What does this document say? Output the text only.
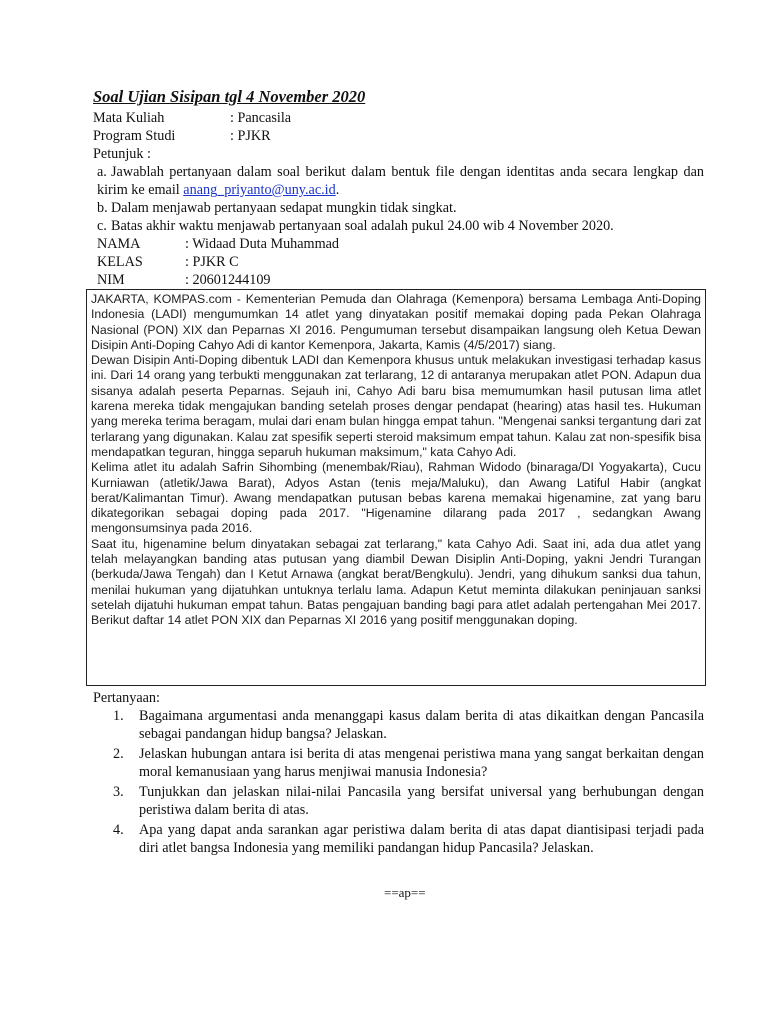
Soal Ujian Sisipan tgl 4 November 2020
Mata Kuliah	: Pancasila
Program Studi	: PJKR
Petunjuk :
a. Jawablah pertanyaan dalam soal berikut dalam bentuk file dengan identitas anda secara lengkap dan kirim ke email anang_priyanto@uny.ac.id.
b. Dalam menjawab pertanyaan sedapat mungkin tidak singkat.
c. Batas akhir waktu menjawab pertanyaan soal adalah pukul 24.00 wib 4 November 2020.
NAMA	: Widaad Duta Muhammad
KELAS	: PJKR C
NIM	: 20601244109

JAKARTA, KOMPAS.com - Kementerian Pemuda dan Olahraga (Kemenpora) bersama Lembaga Anti-Doping Indonesia (LADI) mengumumkan 14 atlet yang dinyatakan positif memakai doping pada Pekan Olahraga Nasional (PON) XIX dan Peparnas XI 2016. Pengumuman tersebut disampaikan langsung oleh Ketua Dewan Disipin Anti-Doping Cahyo Adi di kantor Kemenpora, Jakarta, Kamis (4/5/2017) siang.

Dewan Disipin Anti-Doping dibentuk LADI dan Kemenpora khusus untuk melakukan investigasi terhadap kasus ini. Dari 14 orang yang terbukti menggunakan zat terlarang, 12 di antaranya merupakan atlet PON. Adapun dua sisanya adalah peserta Peparnas. Sejauh ini, Cahyo Adi baru bisa memumumkan hasil putusan lima atlet karena mereka tidak mengajukan banding setelah proses dengar pendapat (hearing) atas hasil tes. Hukuman yang mereka terima beragam, mulai dari enam bulan hingga empat tahun. "Mengenai sanksi tergantung dari zat terlarang yang digunakan. Kalau zat spesifik seperti steroid maksimum empat tahun. Kalau zat non-spesifik bisa mendapatkan teguran, hingga separuh hukuman maksimum," kata Cahyo Adi.

Kelima atlet itu adalah Safrin Sihombing (menembak/Riau), Rahman Widodo (binaraga/DI Yogyakarta), Cucu Kurniawan (atletik/Jawa Barat), Adyos Astan (tenis meja/Maluku), dan Awang Latiful Habir (angkat berat/Kalimantan Timur). Awang mendapatkan putusan bebas karena memakai higenamine, zat yang baru dikategorikan sebagai doping pada 2017. "Higenamine dilarang pada 2017 , sedangkan Awang mengonsumsinya pada 2016.

Saat itu, higenamine belum dinyatakan sebagai zat terlarang," kata Cahyo Adi. Saat ini, ada dua atlet yang telah melayangkan banding atas putusan yang diambil Dewan Disiplin Anti-Doping, yakni Jendri Turangan (berkuda/Jawa Tengah) dan I Ketut Arnawa (angkat berat/Bengkulu). Jendri, yang dihukum sanksi dua tahun, menilai hukuman yang dijatuhkan untuknya terlalu lama. Adapun Ketut meminta dilakukan peninjauan sanksi setelah dijatuhi hukuman empat tahun. Batas pengajuan banding bagi para atlet adalah pertengahan Mei 2017. Berikut daftar 14 atlet PON XIX dan Peparnas XI 2016 yang positif menggunakan doping.

Pertanyaan:
1. Bagaimana argumentasi anda menanggapi kasus dalam berita di atas dikaitkan dengan Pancasila sebagai pandangan hidup bangsa? Jelaskan.
2. Jelaskan hubungan antara isi berita di atas mengenai peristiwa mana yang sangat berkaitan dengan moral kemanusiaan yang harus menjiwai manusia Indonesia?
3. Tunjukkan dan jelaskan nilai-nilai Pancasila yang bersifat universal yang berhubungan dengan peristiwa dalam berita di atas.
4. Apa yang dapat anda sarankan agar peristiwa dalam berita di atas dapat diantisipasi terjadi pada diri atlet bangsa Indonesia yang memiliki pandangan hidup Pancasila? Jelaskan.
==ap==
